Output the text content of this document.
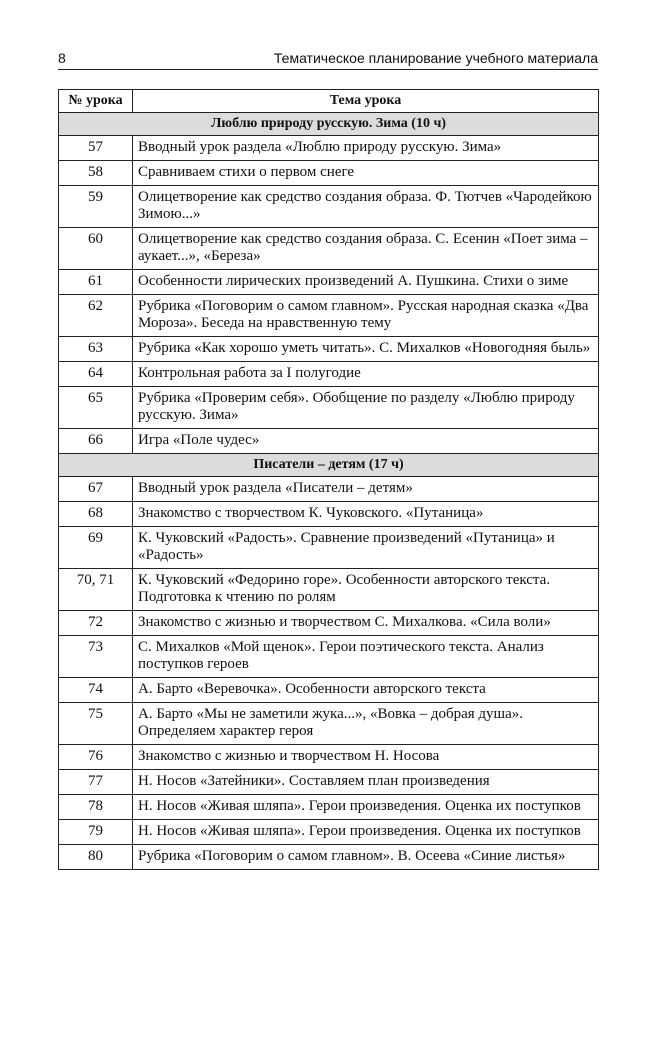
8	Тематическое планирование учебного материала
№ урока	Тема урока
Люблю природу русскую. Зима (10 ч)	
57	Вводный урок раздела «Люблю природу русскую. Зима»
58	Сравниваем стихи о первом снеге
59	Олицетворение как средство создания образа. Ф. Тютчев «Чародейкою Зимою...»
60	Олицетворение как средство создания образа. С. Есенин «Поет зима – аукает...», «Береза»
61	Особенности лирических произведений А. Пушкина. Стихи о зиме
62	Рубрика «Поговорим о самом главном». Русская народная сказка «Два Мороза». Беседа на нравственную тему
63	Рубрика «Как хорошо уметь читать». С. Михалков «Новогодняя быль»
64	Контрольная работа за I полугодие
65	Рубрика «Проверим себя». Обобщение по разделу «Люблю природу русскую. Зима»
66	Игра «Поле чудес»
Писатели – детям (17 ч)	
67	Вводный урок раздела «Писатели – детям»
68	Знакомство с творчеством К. Чуковского. «Путаница»
69	К. Чуковский «Радость». Сравнение произведений «Путаница» и «Радость»
70, 71	К. Чуковский «Федорино горе». Особенности авторского текста. Подготовка к чтению по ролям
72	Знакомство с жизнью и творчеством С. Михалкова. «Сила воли»
73	С. Михалков «Мой щенок». Герои поэтического текста. Анализ поступков героев
74	А. Барто «Веревочка». Особенности авторского текста
75	А. Барто «Мы не заметили жука...», «Вовка – добрая душа». Определяем характер героя
76	Знакомство с жизнью и творчеством Н. Носова
77	Н. Носов «Затейники». Составляем план произведения
78	Н. Носов «Живая шляпа». Герои произведения. Оценка их поступков
79	Н. Носов «Живая шляпа». Герои произведения. Оценка их поступков
80	Рубрика «Поговорим о самом главном». В. Осеева «Синие листья»
